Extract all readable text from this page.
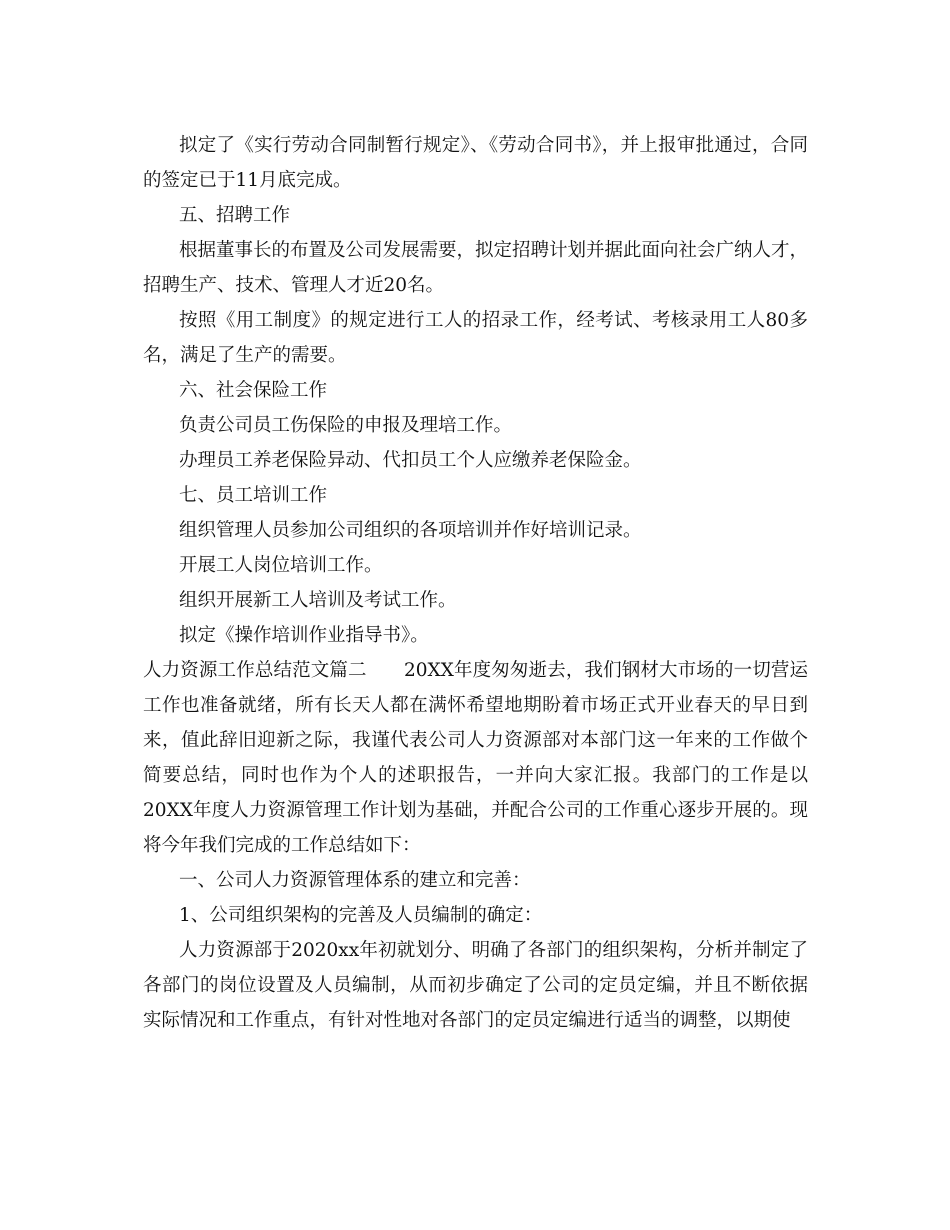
拟定了《实行劳动合同制暂行规定》、《劳动合同书》，并上报审批通过，合同的签定已于11月底完成。

五、招聘工作

根据董事长的布置及公司发展需要，拟定招聘计划并据此面向社会广纳人才，招聘生产、技术、管理人才近20名。

按照《用工制度》的规定进行工人的招录工作，经考试、考核录用工人80多名，满足了生产的需要。

六、社会保险工作

负责公司员工伤保险的申报及理培工作。

办理员工养老保险异动、代扣员工个人应缴养老保险金。

七、员工培训工作

组织管理人员参加公司组织的各项培训并作好培训记录。

开展工人岗位培训工作。

组织开展新工人培训及考试工作。

拟定《操作培训作业指导书》。

人力资源工作总结范文篇二　　20XX年度匆匆逝去，我们钢材大市场的一切营运工作也准备就绪，所有长天人都在满怀希望地期盼着市场正式开业春天的早日到来，值此辞旧迎新之际，我谨代表公司人力资源部对本部门这一年来的工作做个简要总结，同时也作为个人的述职报告，一并向大家汇报。我部门的工作是以20XX年度人力资源管理工作计划为基础，并配合公司的工作重心逐步开展的。现将今年我们完成的工作总结如下：

一、公司人力资源管理体系的建立和完善：

1、公司组织架构的完善及人员编制的确定：

人力资源部于2020xx年初就划分、明确了各部门的组织架构，分析并制定了各部门的岗位设置及人员编制，从而初步确定了公司的定员定编，并且不断依据实际情况和工作重点，有针对性地对各部门的定员定编进行适当的调整，以期使
